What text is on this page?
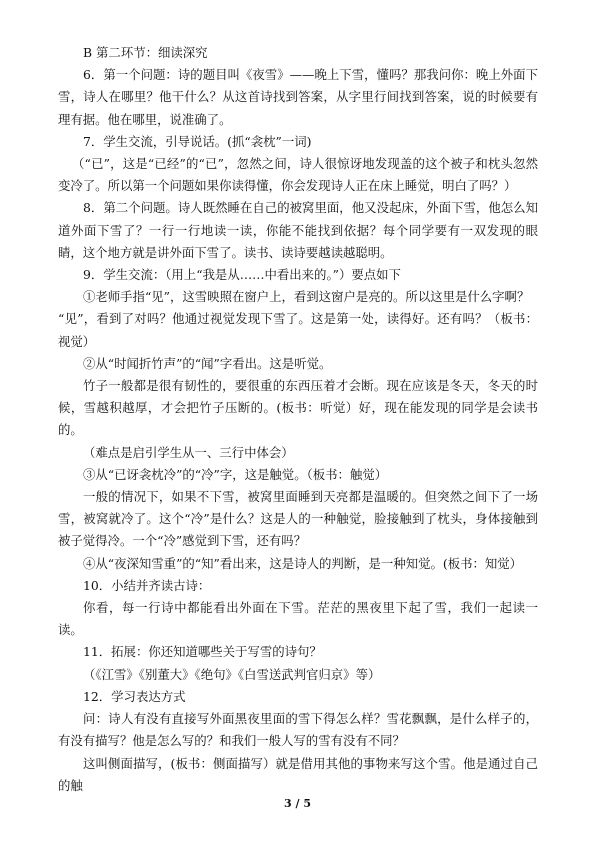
B 第二环节：细读深究

6．第一个问题：诗的题目叫《夜雪》——晚上下雪，懂吗？那我问你：晚上外面下雪，诗人在哪里？他干什么？从这首诗找到答案，从字里行间找到答案，说的时候要有理有据。他在哪里，说准确了。

7．学生交流，引导说话。(抓“衾枕”一词)

（“已”，这是“已经”的“已”，忽然之间，诗人很惊讶地发现盖的这个被子和枕头忽然变冷了。所以第一个问题如果你读得懂，你会发现诗人正在床上睡觉，明白了吗？）

8．第二个问题。诗人既然睡在自己的被窝里面，他又没起床，外面下雪，他怎么知道外面下雪了？一行一行地读一读，你能不能找到依据？每个同学要有一双发现的眼睛，这个地方就是讲外面下雪了。读书、读诗要越读越聪明。

9．学生交流：（用上“我是从……中看出来的。”）要点如下

①老师手指“见”，这雪映照在窗户上，看到这窗户是亮的。所以这里是什么字啊？

“见”，看到了对吗？他通过视觉发现下雪了。这是第一处，读得好。还有吗？（板书：视觉）

②从“时闻折竹声”的“闻”字看出。这是听觉。

竹子一般都是很有韧性的，要很重的东西压着才会断。现在应该是冬天，冬天的时候，雪越积越厚，才会把竹子压断的。(板书：听觉）好，现在能发现的同学是会读书的。

（难点是启引学生从一、三行中体会）

③从“已讶衾枕冷”的“冷”字，这是触觉。（板书：触觉）

一般的情况下，如果不下雪，被窝里面睡到天亮都是温暖的。但突然之间下了一场雪，被窝就冷了。这个“冷”是什么？这是人的一种触觉，脸接触到了枕头，身体接触到被子觉得冷。一个“冷”感觉到下雪，还有吗？

④从“夜深知雪重”的“知”看出来，这是诗人的判断，是一种知觉。(板书：知觉）

10．小结并齐读古诗：

你看，每一行诗中都能看出外面在下雪。茫茫的黑夜里下起了雪，我们一起读一读。

11．拓展：你还知道哪些关于写雪的诗句？

（《江雪》《别董大》《绝句》《白雪送武判官归京》等）

12．学习表达方式

问：诗人有没有直接写外面黑夜里面的雪下得怎么样？雪花飘飘，是什么样子的，有没有描写？他是怎么写的？和我们一般人写的雪有没有不同？

这叫侧面描写，(板书：侧面描写）就是借用其他的事物来写这个雪。他是通过自己的触

3 / 5
